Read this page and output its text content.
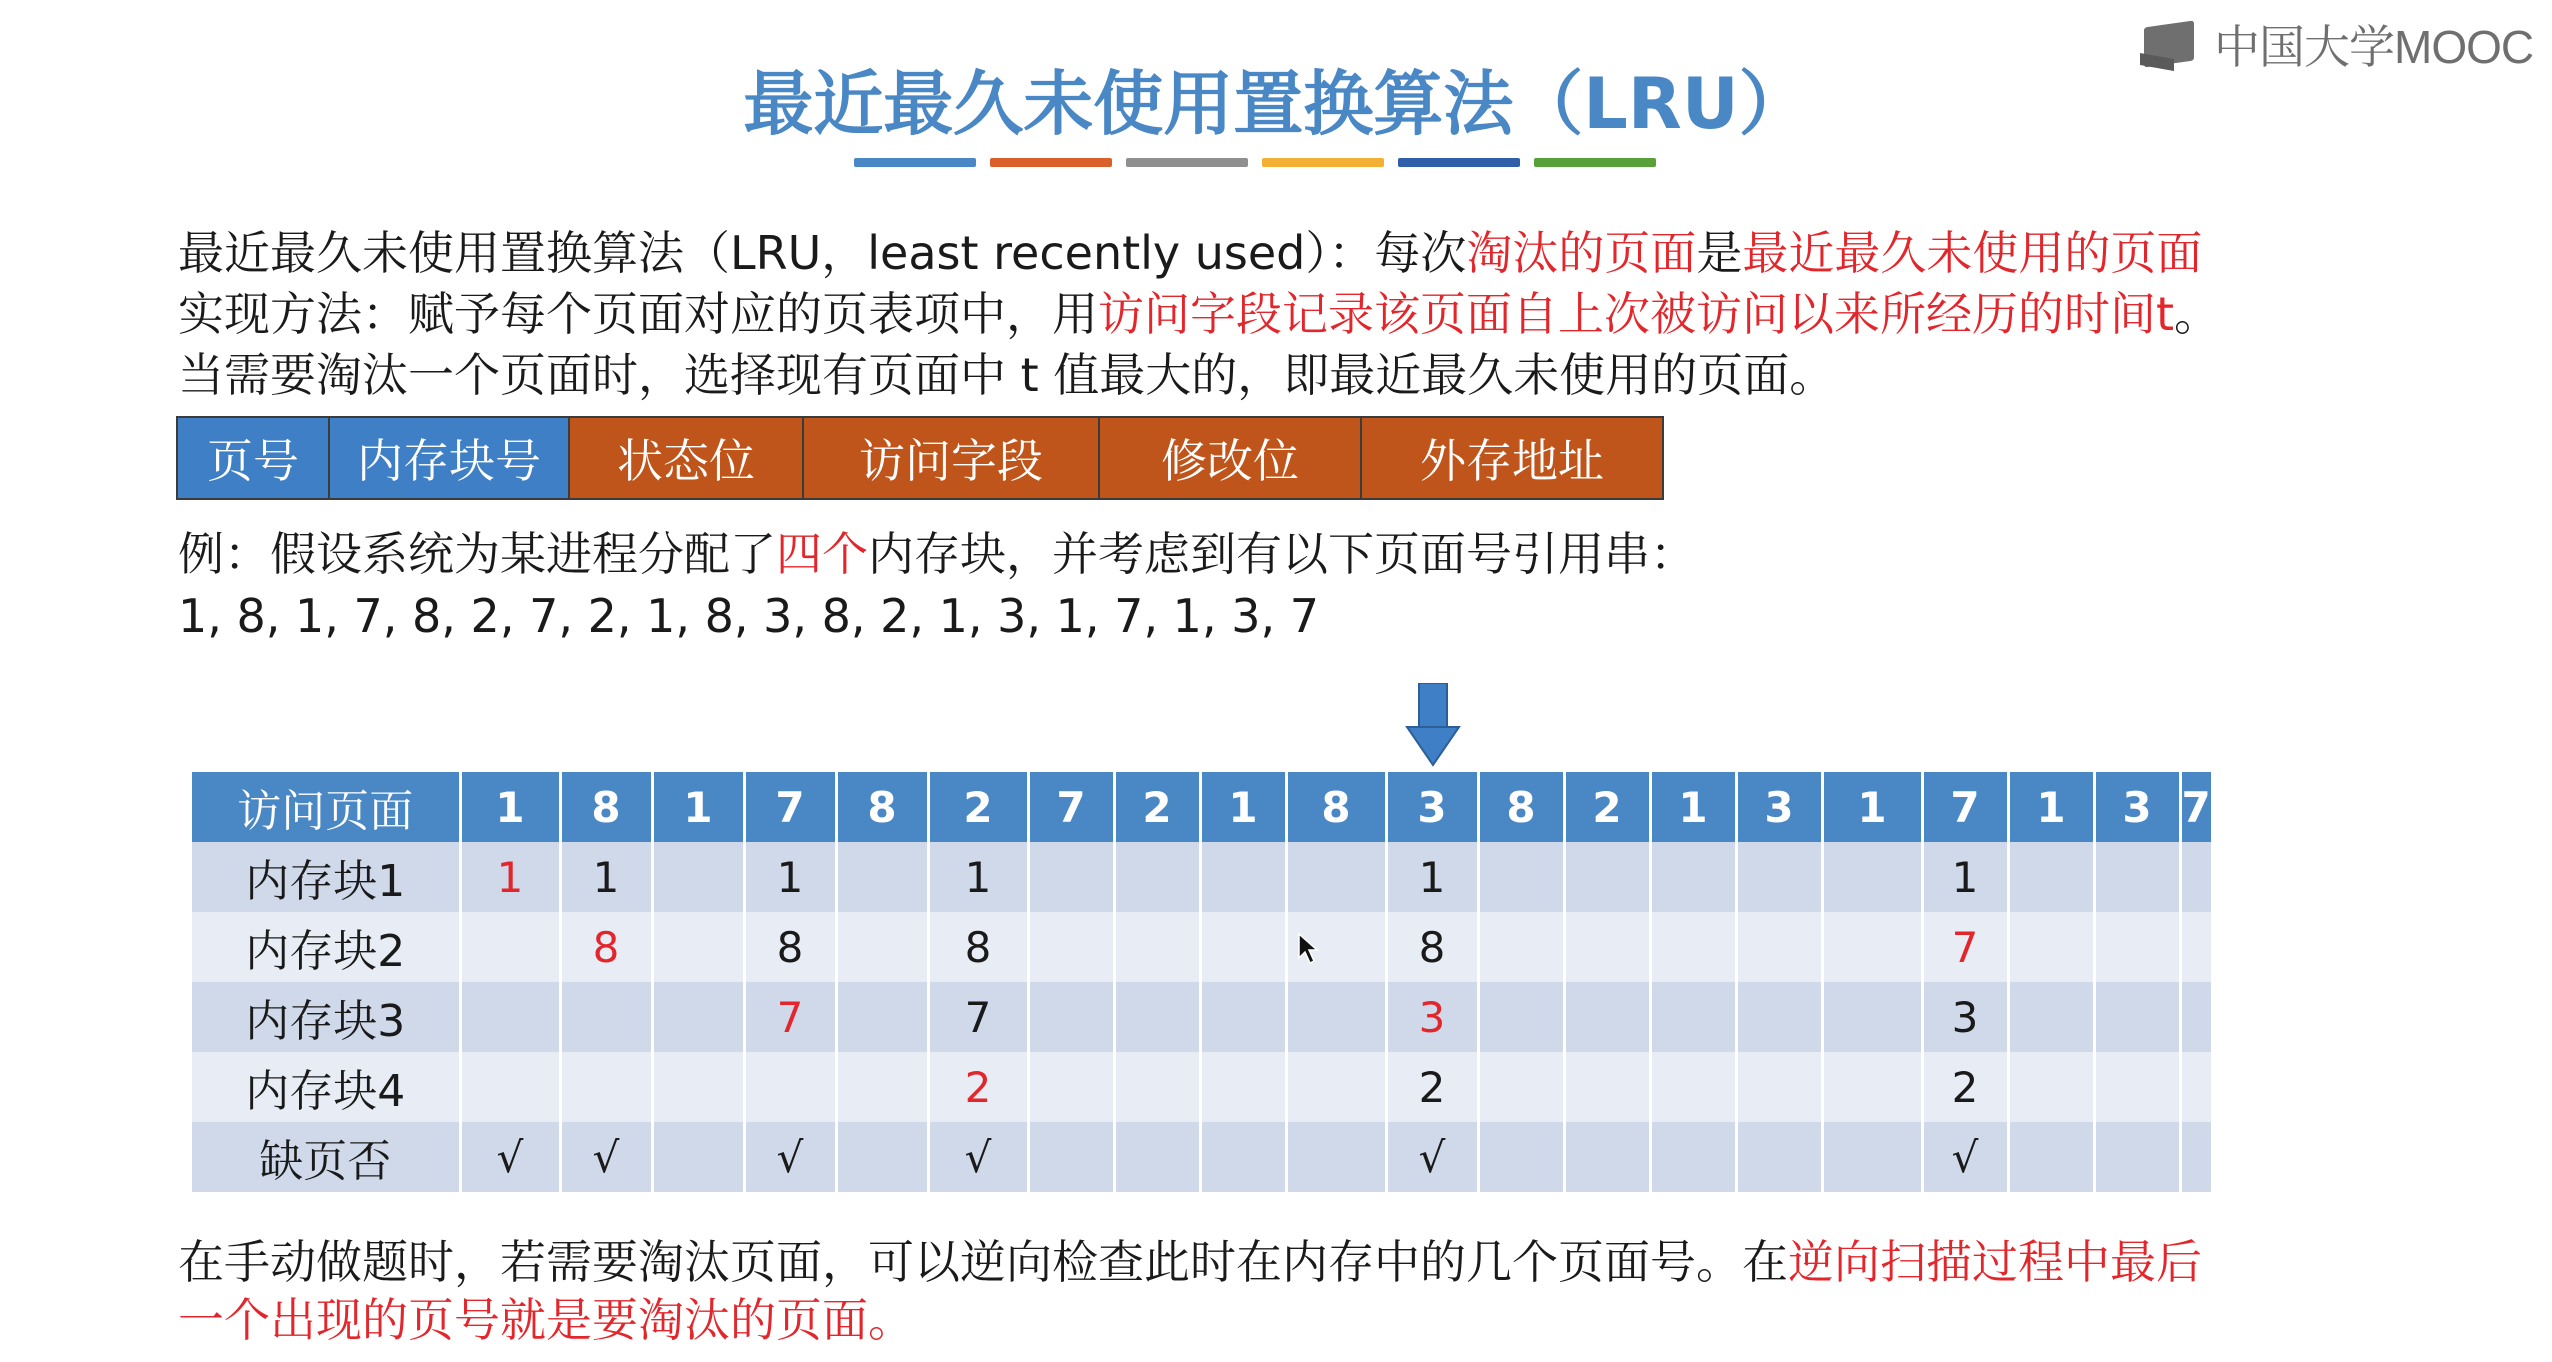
中国大学MOOC
最近最久未使用置换算法（LRU）
最近最久未使用置换算法（LRU，least recently used）：每次淘汰的页面是最近最久未使用的页面
实现方法：赋予每个页面对应的页表项中，用访问字段记录该页面自上次被访问以来所经历的时间t。
当需要淘汰一个页面时，选择现有页面中 t 值最大的，即最近最久未使用的页面。
页号	内存块号	状态位	访问字段	修改位	外存地址
例：假设系统为某进程分配了四个内存块，并考虑到有以下页面号引用串：
1, 8, 1, 7, 8, 2, 7, 2, 1, 8, 3, 8, 2, 1, 3, 1, 7, 1, 3, 7
访问页面	1	8	1	7	8	2	7	2	1	8	3	8	2	1	3	1	7	1	3	7
内存块1	1	1		1		1					1						1			
内存块2		8		8		8					8						7			
内存块3				7		7					3						3			
内存块4						2					2						2			
缺页否	√	√		√		√					√						√			
在手动做题时，若需要淘汰页面，可以逆向检查此时在内存中的几个页面号。在逆向扫描过程中最后
一个出现的页号就是要淘汰的页面。
